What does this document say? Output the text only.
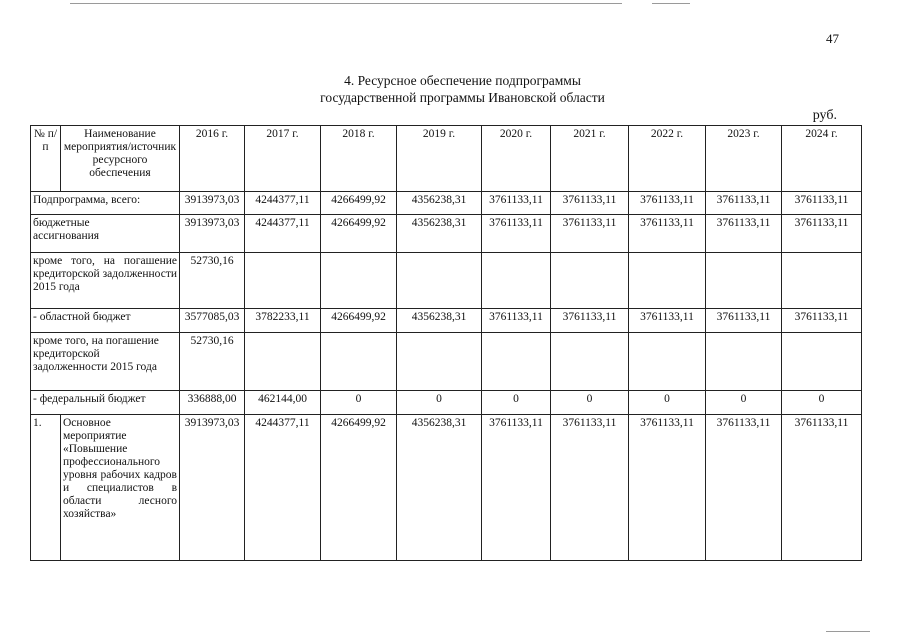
47
4. Ресурсное обеспечение подпрограммы
государственной программы Ивановской области
руб.
№ п/п	Наименование мероприятия/источник ресурсного обеспечения	2016 г.	2017 г.	2018 г.	2019 г.	2020 г.	2021 г.	2022 г.	2023 г.	2024 г.
Подпрограмма, всего:		3913973,03	4244377,11	4266499,92	4356238,31	3761133,11	3761133,11	3761133,11	3761133,11	3761133,11
бюджетные ассигнования		3913973,03	4244377,11	4266499,92	4356238,31	3761133,11	3761133,11	3761133,11	3761133,11	3761133,11
кроме того, на погашение кредиторской задолженности 2015 года		52730,16								
- областной бюджет		3577085,03	3782233,11	4266499,92	4356238,31	3761133,11	3761133,11	3761133,11	3761133,11	3761133,11
кроме того, на погашение кредиторской задолженности 2015 года		52730,16								
- федеральный бюджет		336888,00	462144,00	0	0	0	0	0	0	0
1.	Основное мероприятие «Повышение профессионального уровня рабочих кадров и специалистов в области лесного хозяйства»	3913973,03	4244377,11	4266499,92	4356238,31	3761133,11	3761133,11	3761133,11	3761133,11	3761133,11
